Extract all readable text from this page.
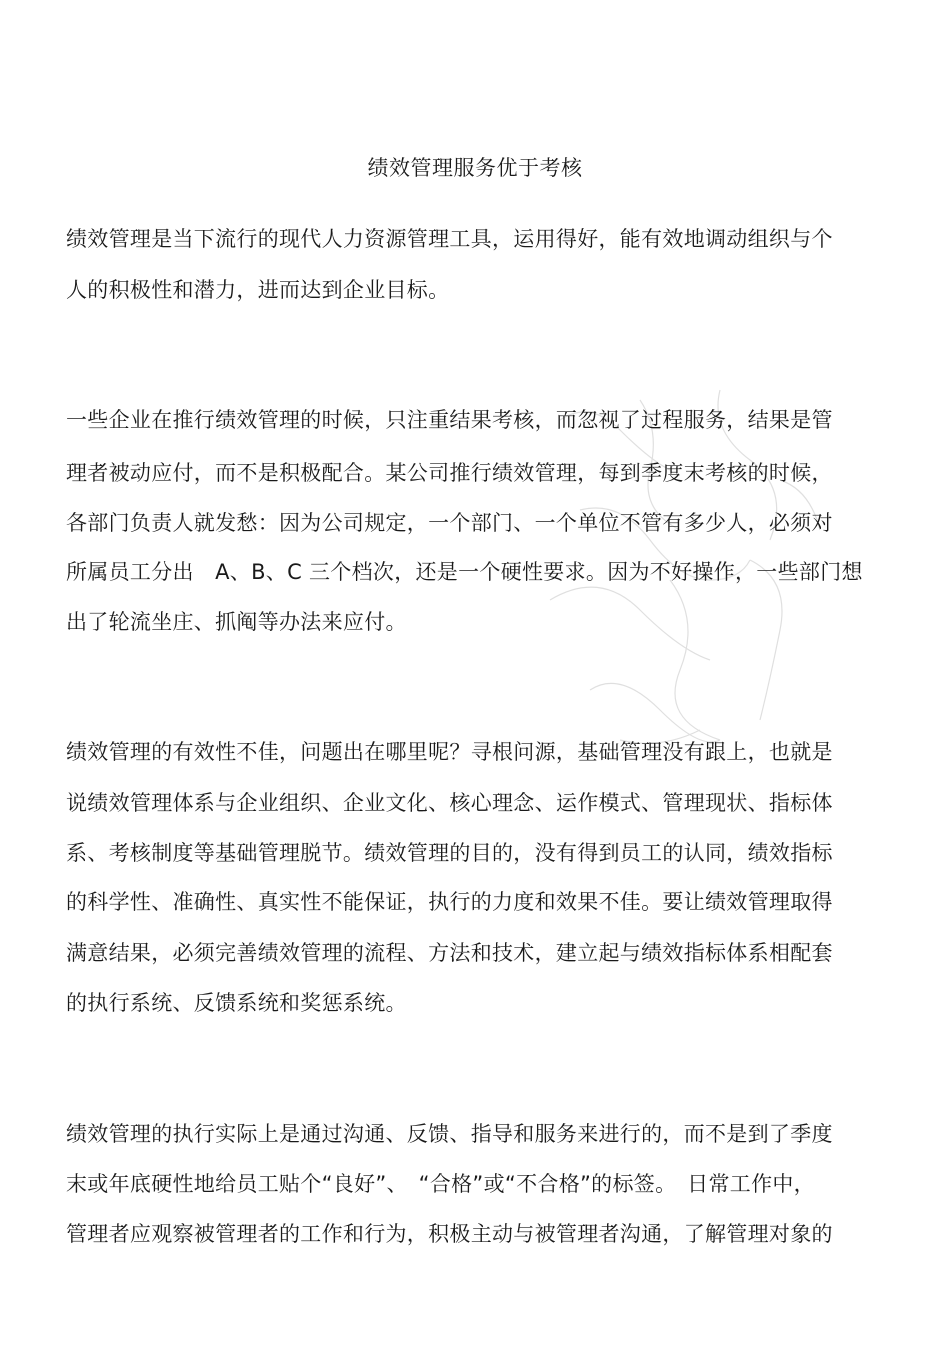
绩效管理服务优于考核
绩效管理是当下流行的现代人力资源管理工具，运用得好，能有效地调动组织与个
人的积极性和潜力，进而达到企业目标。
一些企业在推行绩效管理的时候，只注重结果考核，而忽视了过程服务，结果是管
理者被动应付，而不是积极配合。某公司推行绩效管理，每到季度末考核的时候，
各部门负责人就发愁：因为公司规定，一个部门、一个单位不管有多少人，必须对
所属员工分出　A、B、C 三个档次，还是一个硬性要求。因为不好操作，一些部门想
出了轮流坐庄、抓阄等办法来应付。
绩效管理的有效性不佳，问题出在哪里呢？寻根问源，基础管理没有跟上，也就是
说绩效管理体系与企业组织、企业文化、核心理念、运作模式、管理现状、指标体
系、考核制度等基础管理脱节。绩效管理的目的，没有得到员工的认同，绩效指标
的科学性、准确性、真实性不能保证，执行的力度和效果不佳。要让绩效管理取得
满意结果，必须完善绩效管理的流程、方法和技术，建立起与绩效指标体系相配套
的执行系统、反馈系统和奖惩系统。
绩效管理的执行实际上是通过沟通、反馈、指导和服务来进行的，而不是到了季度
末或年底硬性地给员工贴个“良好”、　“合格”或“不合格”的标签。　日常工作中，
管理者应观察被管理者的工作和行为，积极主动与被管理者沟通，了解管理对象的
